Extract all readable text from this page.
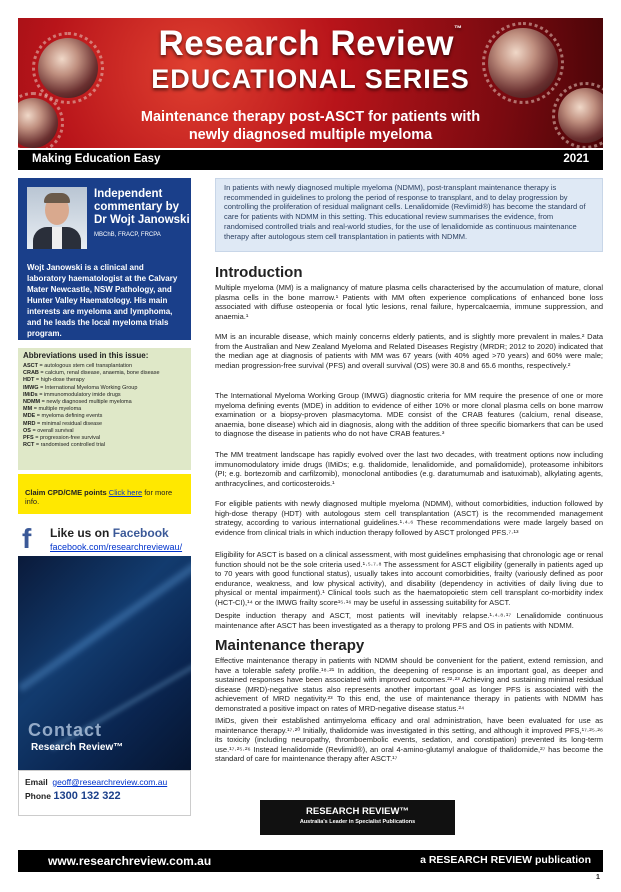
Research Review™
EDUCATIONAL SERIES
Maintenance therapy post-ASCT for patients with
newly diagnosed multiple myeloma
Making Education Easy	2021
Independent commentary by Dr Wojt Janowski
MBChB, FRACP, FRCPA
Wojt Janowski is a clinical and laboratory haematologist at the Calvary Mater Newcastle, NSW Pathology, and Hunter Valley Haematology. His main interests are myeloma and lymphoma, and he leads the local myeloma trials program.
Abbreviations used in this issue:
ASCT = autologous stem cell transplantation
CRAB = calcium, renal disease, anaemia, bone disease
HDT = high-dose therapy
IMWG = International Myeloma Working Group
IMiDs = immunomodulatory imide drugs
NDMM = newly diagnosed multiple myeloma
MM = multiple myeloma
MDE = myeloma defining events
MRD = minimal residual disease
OS = overall survival
PFS = progression-free survival
RCT = randomised controlled trial
Claim CPD/CME points Click here for more info.
f	Like us on Facebook
facebook.com/researchreviewau/
Contact
Research Review™
Email geoff@researchreview.com.au
Phone 1300 132 322
In patients with newly diagnosed multiple myeloma (NDMM), post-transplant maintenance therapy is recommended in guidelines to prolong the period of response to transplant, and to delay progression by controlling the proliferation of residual malignant cells. Lenalidomide (Revlimid®) has become the standard of care for patients with NDMM in this setting. This educational review summarises the evidence, from randomised controlled trials and real-world studies, for the use of lenalidomide as continuous maintenance therapy after autologous stem cell transplantation in patients with NDMM.
Introduction
Multiple myeloma (MM) is a malignancy of mature plasma cells characterised by the accumulation of mature, clonal plasma cells in the bone marrow.¹ Patients with MM often experience complications of enhanced bone loss associated with diffuse osteopenia or focal lytic lesions, renal failure, hypercalcaemia, immune suppression, and anaemia.¹
MM is an incurable disease, which mainly concerns elderly patients, and is slightly more prevalent in males.² Data from the Australian and New Zealand Myeloma and Related Diseases Registry (MRDR; 2012 to 2020) indicated that the median age at diagnosis of patients with MM was 67 years (with 40% aged >70 years) and 60% were male; median progression-free survival (PFS) and overall survival (OS) were 30.8 and 65.6 months, respectively.²
The International Myeloma Working Group (IMWG) diagnostic criteria for MM require the presence of one or more myeloma defining events (MDE) in addition to evidence of either 10% or more clonal plasma cells on bone marrow examination or a biopsy-proven plasmacytoma. MDE consist of the CRAB features (calcium, renal disease, anaemia, bone disease) which aid in diagnosis, along with the addition of three specific biomarkers that can be used to diagnose the disease in patients who do not have CRAB features.³
The MM treatment landscape has rapidly evolved over the last two decades, with treatment options now including immunomodulatory imide drugs (IMiDs; e.g. thalidomide, lenalidomide, and pomalidomide), proteasome inhibitors (PI; e.g. bortezomib and carfilzomib), monoclonal antibodies (e.g. daratumumab and isatuximab), alkylating agents, anthracyclines, and corticosteroids.¹
For eligible patients with newly diagnosed multiple myeloma (NDMM), without comorbidities, induction followed by high-dose therapy (HDT) with autologous stem cell transplantation (ASCT) is the recommended management strategy, according to various international guidelines.¹·⁴·⁶ These recommendations were made largely based on evidence from clinical trials in which induction therapy followed by ASCT prolonged PFS.⁷·¹³
Eligibility for ASCT is based on a clinical assessment, with most guidelines emphasising that chronologic age or renal function should not be the sole criteria used.¹·⁵·⁷·⁸ The assessment for ASCT eligibility (generally in patients aged up to 70 years with good functional status), usually takes into account comorbidities, frailty (variously defined as poor endurance, weakness, and low physical activity), and disability (dependency in activities of daily living due to physical or mental impairment).¹ Clinical tools such as the haematopoietic stem cell transplant co-morbidity index (HCT-CI),¹⁴ or the IMWG frailty score¹⁵·¹⁶ may be useful in assessing suitability for ASCT.
Despite induction therapy and ASCT, most patients will inevitably relapse.¹·⁴·⁸·¹⁷ Lenalidomide continuous maintenance after ASCT has been investigated as a therapy to prolong PFS and OS in patients with NDMM.
Maintenance therapy
Effective maintenance therapy in patients with NDMM should be convenient for the patient, extend remission, and have a tolerable safety profile.¹⁸·²¹ In addition, the deepening of response is an important goal, as deeper and sustained responses have been associated with improved outcomes.²²·²³ Achieving and sustaining minimal residual disease (MRD)-negative status also represents another important goal as longer PFS is associated with the achievement of MRD negativity.²³ To this end, the use of maintenance therapy in patients with NDMM has demonstrated a positive impact on rates of MRD-negative disease status.²⁴
IMiDs, given their established antimyeloma efficacy and oral administration, have been evaluated for use as maintenance therapy.¹⁷·²⁰ Initially, thalidomide was investigated in this setting, and although it improved PFS,¹⁷·²⁵·²⁶ its toxicity (including neuropathy, thromboembolic events, sedation, and constipation) prevented its long-term use.¹⁷·²⁵·²⁶ Instead lenalidomide (Revlimid®), an oral 4-amino-glutamyl analogue of thalidomide,²⁷ has become the standard of care for maintenance therapy after ASCT.¹⁷
RESEARCH REVIEW™
Australia's Leader in Specialist Publications
www.researchreview.com.au	a RESEARCH REVIEW publication
1
